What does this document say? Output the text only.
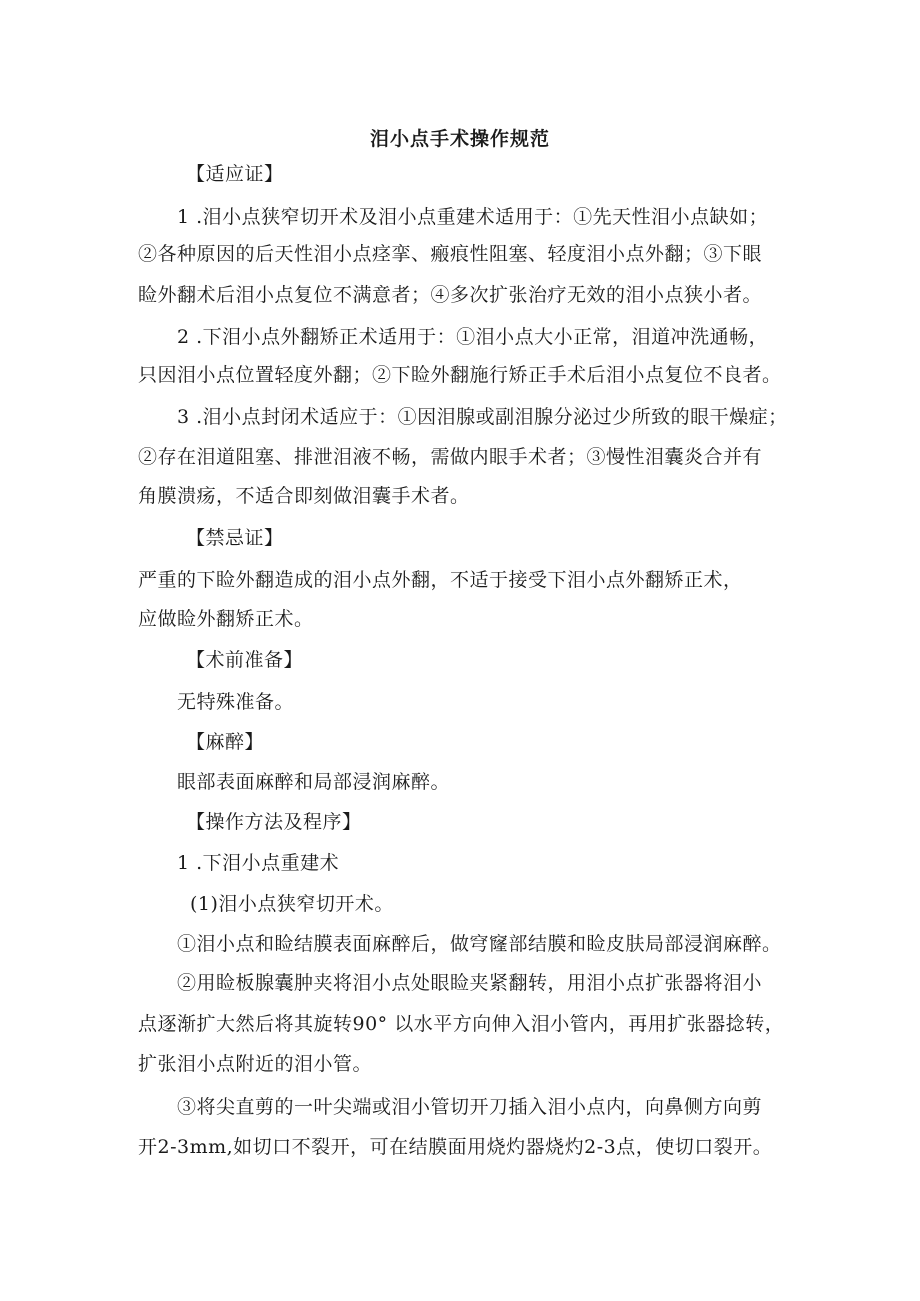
泪小点手术操作规范
【适应证】
1 .泪小点狭窄切开术及泪小点重建术适用于：①先天性泪小点缺如；
②各种原因的后天性泪小点痉挛、瘢痕性阻塞、轻度泪小点外翻；③下眼
睑外翻术后泪小点复位不满意者；④多次扩张治疗无效的泪小点狭小者。
2 .下泪小点外翻矫正术适用于：①泪小点大小正常，泪道冲洗通畅，
只因泪小点位置轻度外翻；②下睑外翻施行矫正手术后泪小点复位不良者。
3 .泪小点封闭术适应于：①因泪腺或副泪腺分泌过少所致的眼干燥症；
②存在泪道阻塞、排泄泪液不畅，需做内眼手术者；③慢性泪囊炎合并有
角膜溃疡，不适合即刻做泪囊手术者。
【禁忌证】
严重的下睑外翻造成的泪小点外翻，不适于接受下泪小点外翻矫正术，
应做睑外翻矫正术。
【术前准备】
无特殊准备。
【麻醉】
眼部表面麻醉和局部浸润麻醉。
【操作方法及程序】
1 .下泪小点重建术
(1)泪小点狭窄切开术。
①泪小点和睑结膜表面麻醉后，做穹窿部结膜和睑皮肤局部浸润麻醉。
②用睑板腺囊肿夹将泪小点处眼睑夹紧翻转，用泪小点扩张器将泪小
点逐渐扩大然后将其旋转90° 以水平方向伸入泪小管内，再用扩张器捻转，
扩张泪小点附近的泪小管。
③将尖直剪的一叶尖端或泪小管切开刀插入泪小点内，向鼻侧方向剪
开2-3mm,如切口不裂开，可在结膜面用烧灼器烧灼2-3点，使切口裂开。
